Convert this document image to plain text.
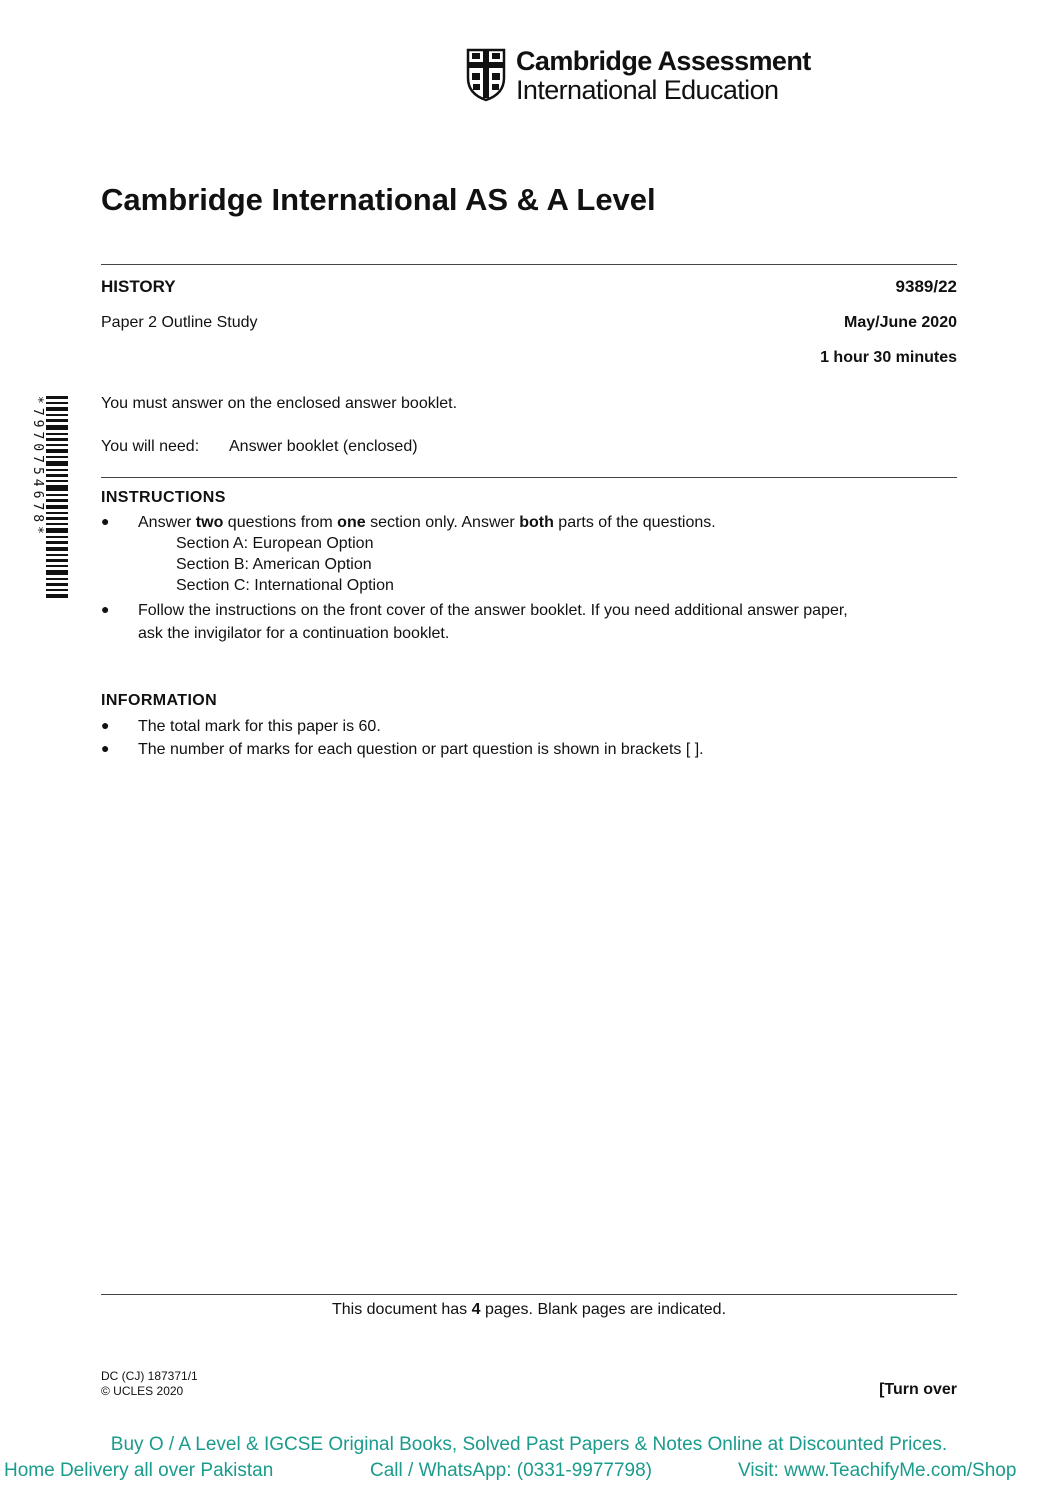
Cambridge Assessment
International Education
Cambridge International AS & A Level
HISTORY	9389/22
Paper 2 Outline Study	May/June 2020
1 hour 30 minutes
*7970754678*	You must answer on the enclosed answer booklet.
You will need: Answer booklet (enclosed)
INSTRUCTIONS
● Answer two questions from one section only. Answer both parts of the questions.
Section A: European Option
Section B: American Option
Section C: International Option
● Follow the instructions on the front cover of the answer booklet. If you need additional answer paper,
ask the invigilator for a continuation booklet.
INFORMATION
● The total mark for this paper is 60.
● The number of marks for each question or part question is shown in brackets [ ].
This document has 4 pages. Blank pages are indicated.
DC (CJ) 187371/1
© UCLES 2020	[Turn over
Buy O / A Level & IGCSE Original Books, Solved Past Papers & Notes Online at Discounted Prices.
Home Delivery all over Pakistan	Call / WhatsApp: (0331-9977798)	Visit: www.TeachifyMe.com/Shop
